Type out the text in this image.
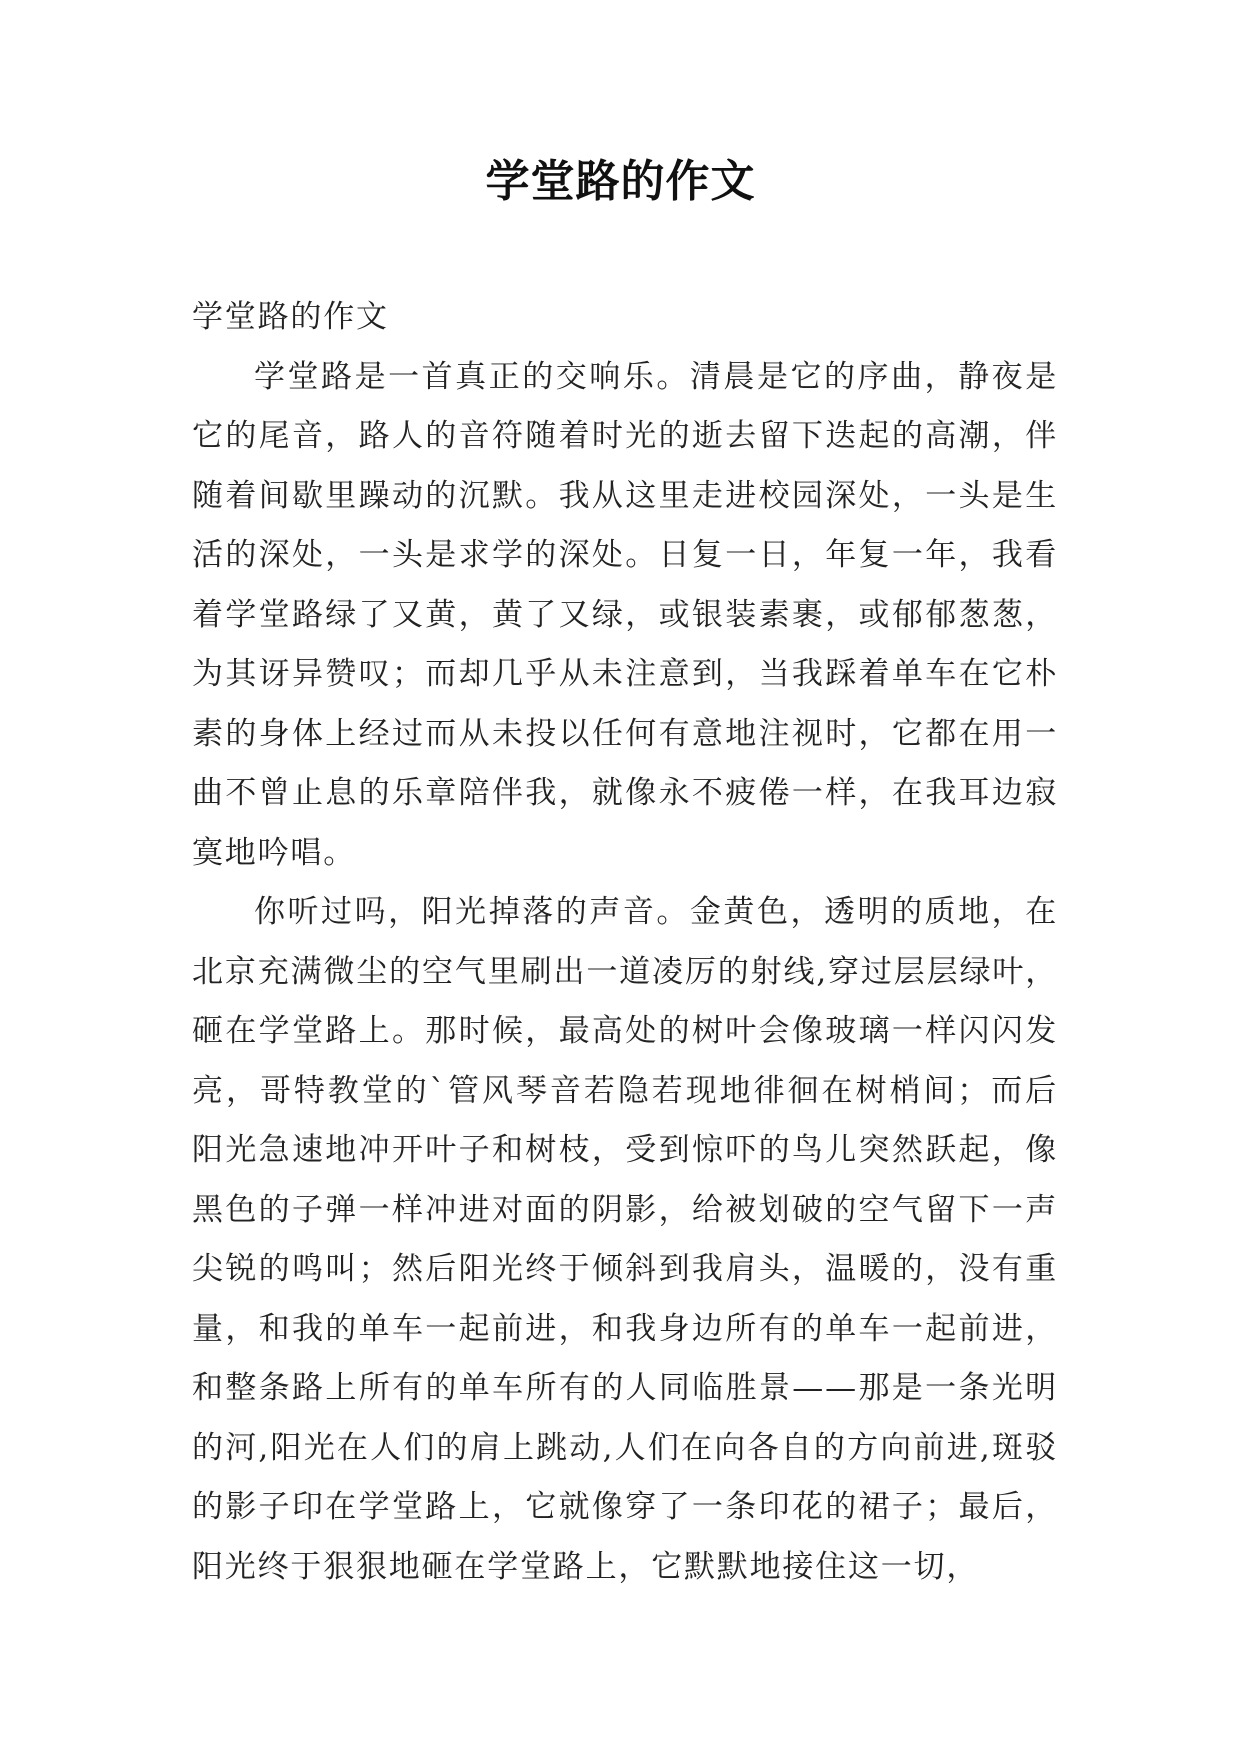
学堂路的作文

学堂路的作文

学堂路是一首真正的交响乐。清晨是它的序曲，静夜是它的尾音，路人的音符随着时光的逝去留下迭起的高潮，伴随着间歇里躁动的沉默。我从这里走进校园深处，一头是生活的深处，一头是求学的深处。日复一日，年复一年，我看着学堂路绿了又黄，黄了又绿，或银装素裹，或郁郁葱葱，为其讶异赞叹；而却几乎从未注意到，当我踩着单车在它朴素的身体上经过而从未投以任何有意地注视时，它都在用一曲不曾止息的乐章陪伴我，就像永不疲倦一样，在我耳边寂寞地吟唱。

你听过吗，阳光掉落的声音。金黄色，透明的质地，在北京充满微尘的空气里刷出一道凌厉的射线,穿过层层绿叶，砸在学堂路上。那时候，最高处的树叶会像玻璃一样闪闪发亮，哥特教堂的`管风琴音若隐若现地徘徊在树梢间；而后阳光急速地冲开叶子和树枝，受到惊吓的鸟儿突然跃起，像黑色的子弹一样冲进对面的阴影，给被划破的空气留下一声尖锐的鸣叫；然后阳光终于倾斜到我肩头，温暖的，没有重量，和我的单车一起前进，和我身边所有的单车一起前进，和整条路上所有的单车所有的人同临胜景——那是一条光明的河,阳光在人们的肩上跳动,人们在向各自的方向前进,斑驳的影子印在学堂路上，它就像穿了一条印花的裙子；最后，阳光终于狠狠地砸在学堂路上，它默默地接住这一切，
